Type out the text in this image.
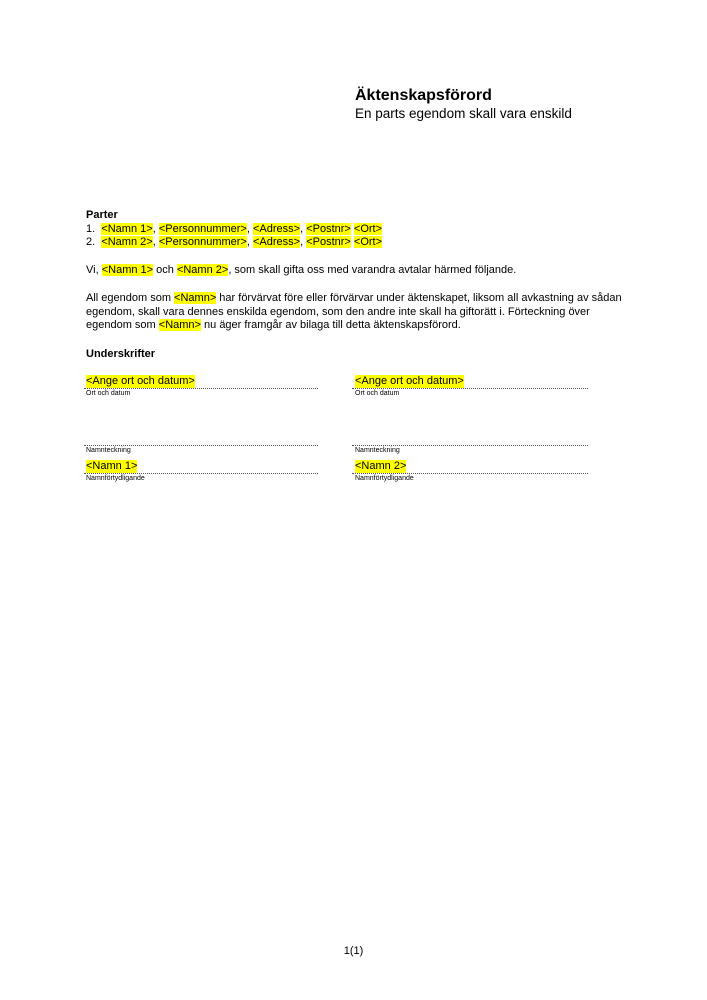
Äktenskapsförord
En parts egendom skall vara enskild
Parter
1. <Namn 1>, <Personnummer>, <Adress>, <Postnr> <Ort>
2. <Namn 2>, <Personnummer>, <Adress>, <Postnr> <Ort>
Vi, <Namn 1> och <Namn 2>, som skall gifta oss med varandra avtalar härmed följande.
All egendom som <Namn> har förvärvat före eller förvärvar under äktenskapet, liksom all avkastning av sådan egendom, skall vara dennes enskilda egendom, som den andre inte skall ha giftorätt i. Förteckning över egendom som <Namn> nu äger framgår av bilaga till detta äktenskapsförord.
Underskrifter
<Ange ort och datum>
Ort och datum
Namnteckning
<Namn 1>
Namnförtydligande
<Ange ort och datum>
Ort och datum
Namnteckning
<Namn 2>
Namnförtydligande
1(1)
